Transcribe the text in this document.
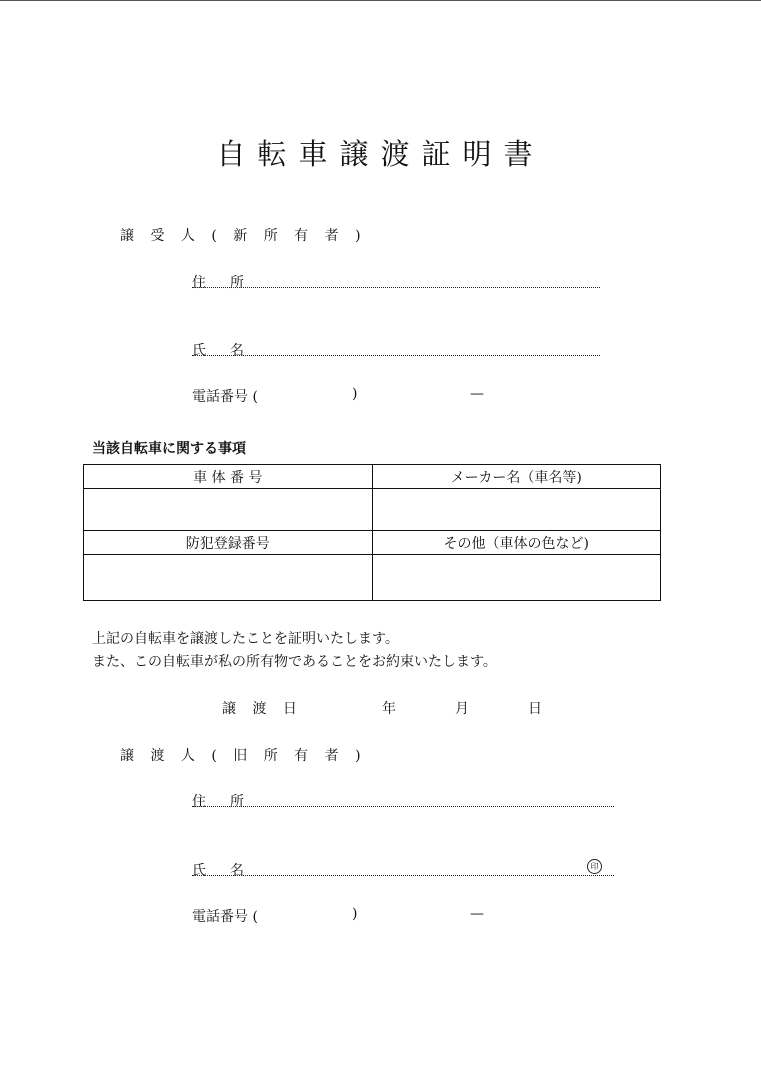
自転車譲渡証明書
譲 受 人 ( 新 所 有 者 )
住所
氏名
電話番号 (	)	—
当該自転車に関する事項
車 体 番 号	メーカー名（車名等)

防犯登録番号	その他（車体の色など)

上記の自転車を譲渡したことを証明いたします。
また、この自転車が私の所有物であることをお約束いたします。
譲 渡 日	年	月	日
譲 渡 人 ( 旧 所 有 者 )
住所
氏名	印
電話番号 (	)	—
